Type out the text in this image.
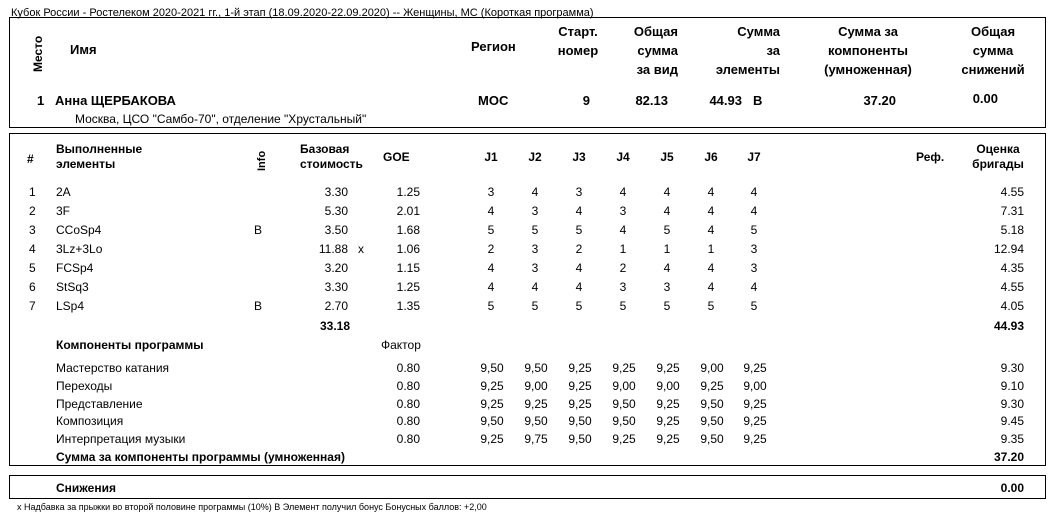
Кубок России - Ростелеком 2020-2021 гг., 1-й этап (18.09.2020-22.09.2020) -- Женщины, МС (Короткая программа)
Место Имя	Регион
Старт.
номер
Общая
сумма
за вид
Сумма
за
элементы
Сумма за
компоненты
(умноженная)
Общая
сумма
снижений
1 Анна ЩЕРБАКОВА	МОС	9	82.13	44.93 B	37.20	0.00
Москва, ЦСО "Самбо-70", отделение "Хрустальный"
#
Выполненные
элементы	Info
Базовая
стоимость GOE	J1	J2	J3	J4	J5	J6	J7	Реф.
Оценка
бригады
1 2A	3.30	1.25	3	4	3	4	4	4	4	4.55
2 3F	5.30	2.01	4	3	4	3	4	4	4	7.31
3 CCoSp4	B	3.50	1.68	5	5	5	4	5	4	5	5.18
4 3Lz+3Lo	11.88 x	1.06	2	3	2	1	1	1	3	12.94
5 FCSp4	3.20	1.15	4	3	4	2	4	4	3	4.35
6 StSq3	3.30	1.25	4	4	4	3	3	4	4	4.55
7 LSp4	B	2.70	1.35	5	5	5	5	5	5	5	4.05
33.18	44.93
Компоненты программы	Фактор
Мастерство катания	0.80	9,50	9,50	9,25	9,25	9,25	9,00	9,25	9.30
Переходы	0.80	9,25	9,00	9,25	9,00	9,00	9,25	9,00	9.10
Представление	0.80	9,25	9,25	9,25	9,50	9,25	9,50	9,25	9.30
Композиция	0.80	9,50	9,50	9,50	9,50	9,25	9,50	9,25	9.45
Интерпретация музыки	0.80	9,25	9,75	9,50	9,25	9,25	9,50	9,25	9.35
Сумма за компоненты программы (умноженная)	37.20
Снижения	0.00
x Надбавка за прыжки во второй половине программы (10%) B Элемент получил бонус Бонусных баллов: +2,00
